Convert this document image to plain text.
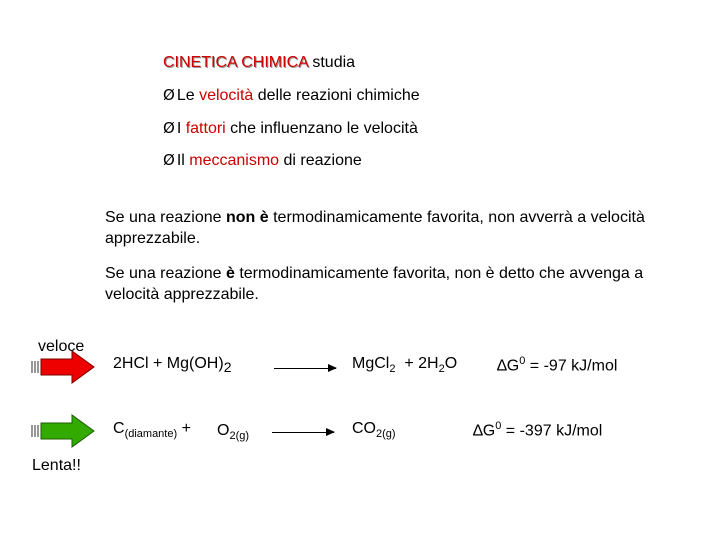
CINETICA CHIMICA studia
Ø Le velocità delle reazioni chimiche
Ø I fattori che influenzano le velocità
Ø Il meccanismo di reazione
Se una reazione non è termodinamicamente favorita, non avverrà a velocità apprezzabile.
Se una reazione è termodinamicamente favorita, non è detto che avvenga a velocità apprezzabile.
veloce
Lenta!!
$2HCl + Mg(OH)_2$	MgCl$_2$ + $2H_2O$ $\Delta G^0 = -97$ kJ/mol
$C_{(diamante)} + O_{2(g)}$	$CO_{2(g)}$	$\Delta G^0 = -397$ kJ/mol
